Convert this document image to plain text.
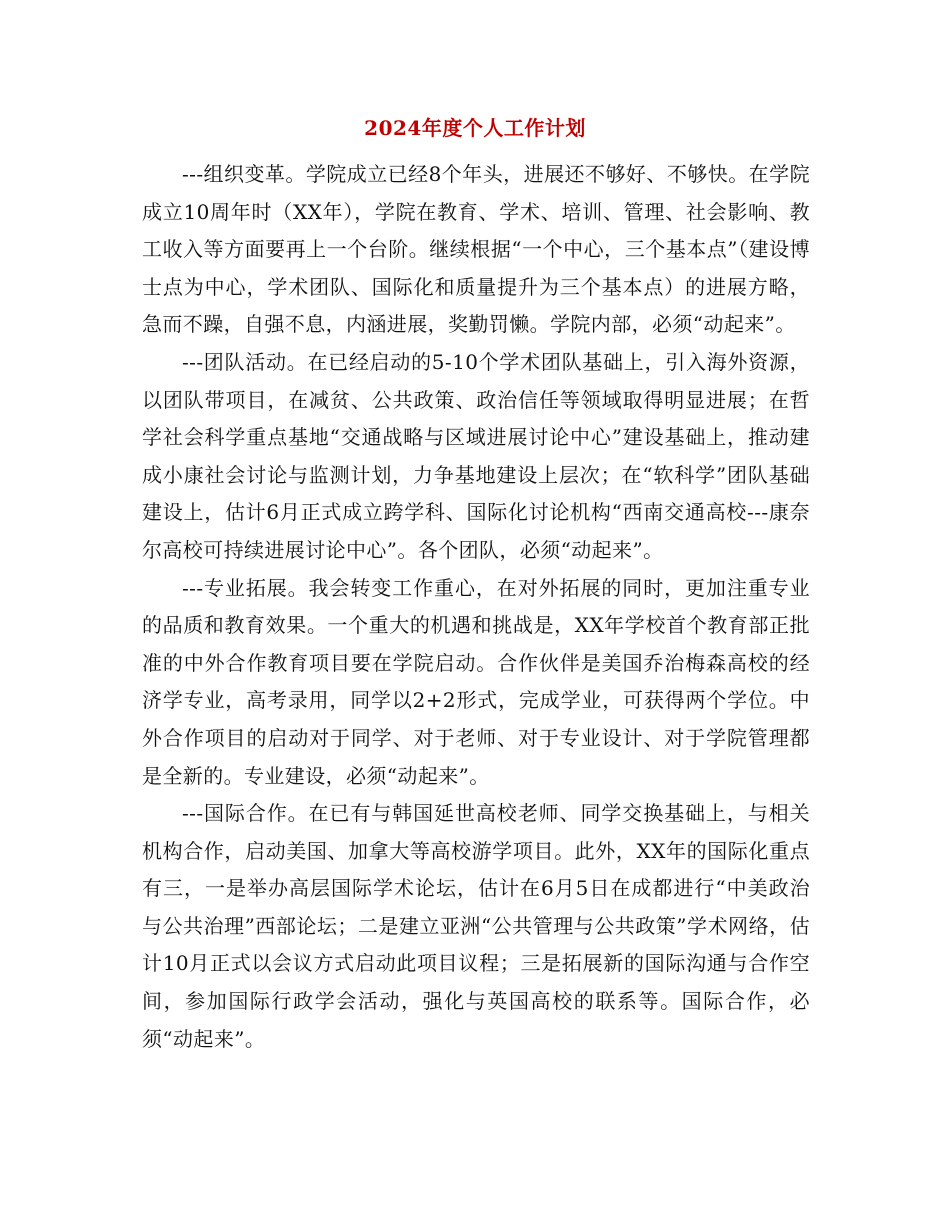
2024年度个人工作计划

---组织变革。学院成立已经8个年头，进展还不够好、不够快。在学院成立10周年时（XX年），学院在教育、学术、培训、管理、社会影响、教工收入等方面要再上一个台阶。继续根据“一个中心，三个基本点”（建设博士点为中心，学术团队、国际化和质量提升为三个基本点）的进展方略，急而不躁，自强不息，内涵进展，奖勤罚懒。学院内部，必须“动起来”。

---团队活动。在已经启动的5-10个学术团队基础上，引入海外资源，以团队带项目，在减贫、公共政策、政治信任等领域取得明显进展；在哲学社会科学重点基地“交通战略与区域进展讨论中心”建设基础上，推动建成小康社会讨论与监测计划，力争基地建设上层次；在“软科学”团队基础建设上，估计6月正式成立跨学科、国际化讨论机构“西南交通高校---康奈尔高校可持续进展讨论中心”。各个团队，必须“动起来”。

---专业拓展。我会转变工作重心，在对外拓展的同时，更加注重专业的品质和教育效果。一个重大的机遇和挑战是，XX年学校首个教育部正批准的中外合作教育项目要在学院启动。合作伙伴是美国乔治梅森高校的经济学专业，高考录用，同学以2+2形式，完成学业，可获得两个学位。中外合作项目的启动对于同学、对于老师、对于专业设计、对于学院管理都是全新的。专业建设，必须“动起来”。

---国际合作。在已有与韩国延世高校老师、同学交换基础上，与相关机构合作，启动美国、加拿大等高校游学项目。此外，XX年的国际化重点有三，一是举办高层国际学术论坛，估计在6月5日在成都进行“中美政治与公共治理”西部论坛；二是建立亚洲“公共管理与公共政策”学术网络，估计10月正式以会议方式启动此项目议程；三是拓展新的国际沟通与合作空间，参加国际行政学会活动，强化与英国高校的联系等。国际合作，必须“动起来”。
